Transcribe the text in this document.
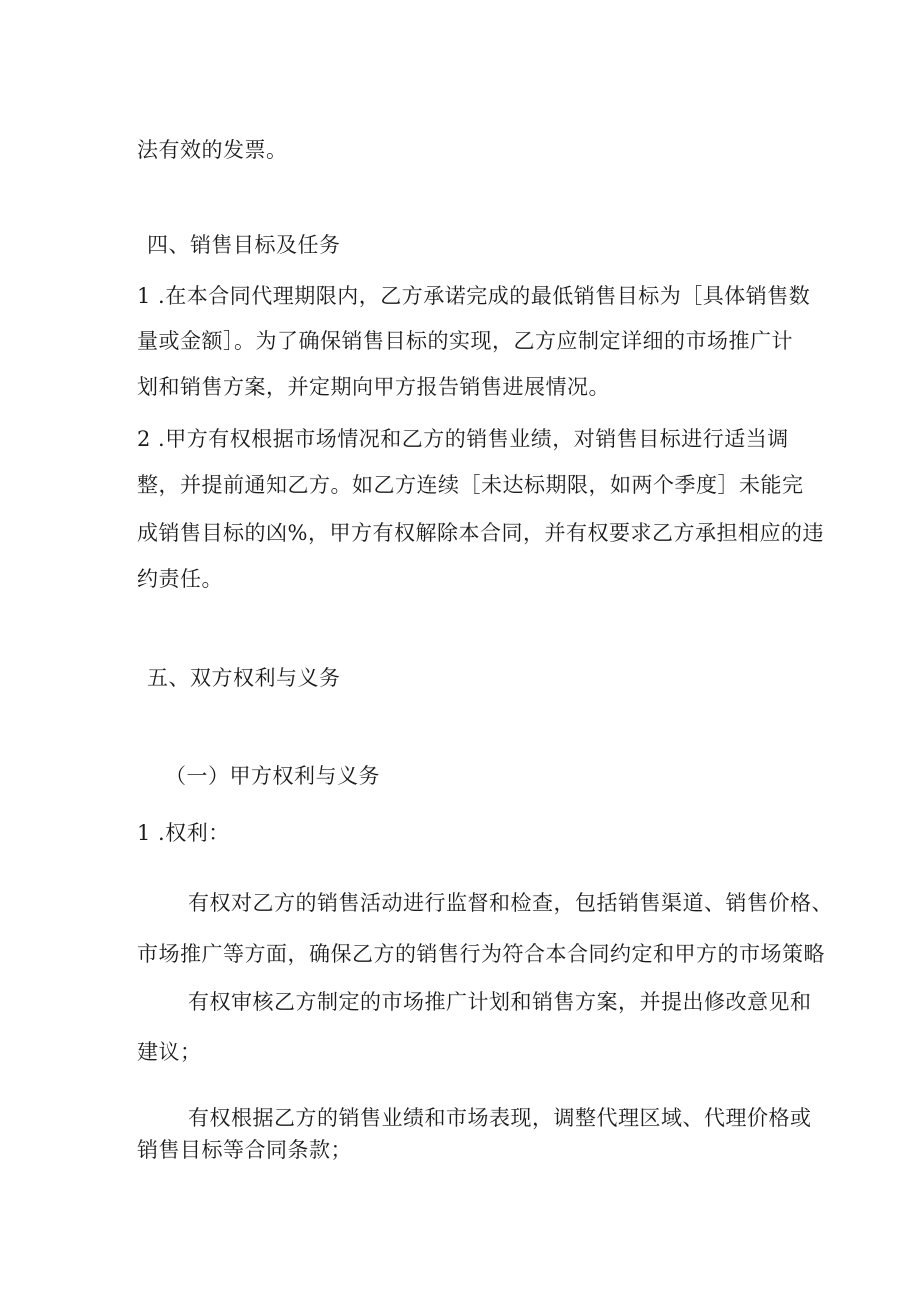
法有效的发票。
四、销售目标及任务
1 .在本合同代理期限内，乙方承诺完成的最低销售目标为［具体销售数
量或金额］。为了确保销售目标的实现，乙方应制定详细的市场推广计
划和销售方案，并定期向甲方报告销售进展情况。
2 .甲方有权根据市场情况和乙方的销售业绩，对销售目标进行适当调
整，并提前通知乙方。如乙方连续［未达标期限，如两个季度］未能完
成销售目标的凶%，甲方有权解除本合同，并有权要求乙方承担相应的违
约责任。
五、双方权利与义务
（一）甲方权利与义务
1 .权利：
有权对乙方的销售活动进行监督和检查，包括销售渠道、销售价格、
市场推广等方面，确保乙方的销售行为符合本合同约定和甲方的市场策略
有权审核乙方制定的市场推广计划和销售方案，并提出修改意见和
建议；
有权根据乙方的销售业绩和市场表现，调整代理区域、代理价格或
销售目标等合同条款；
